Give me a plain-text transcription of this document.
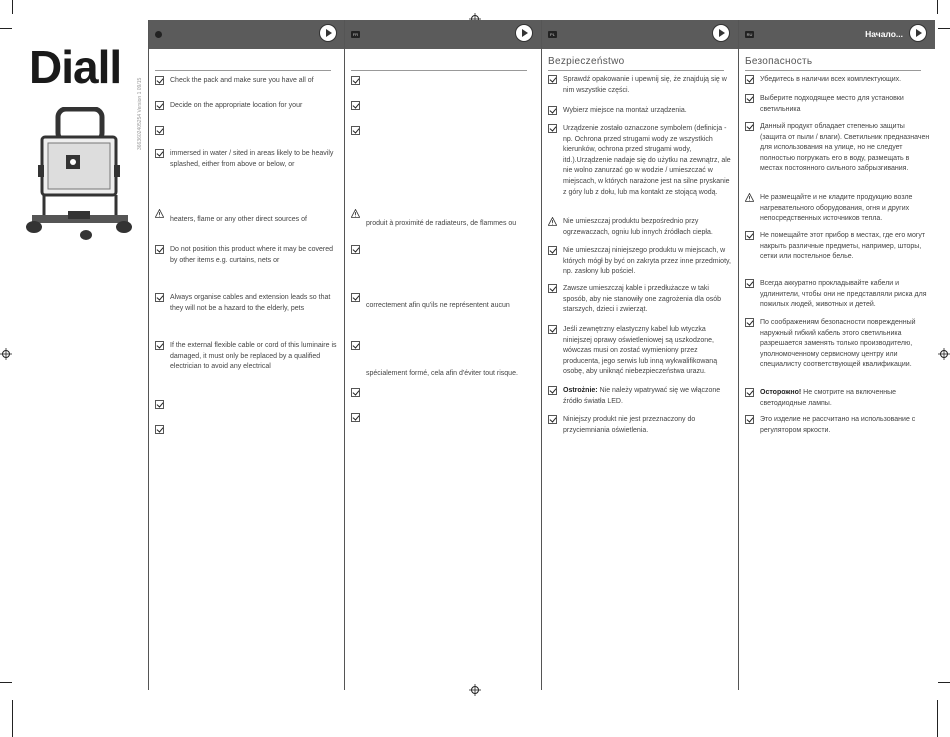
Diall
3663602405254 Version 1 09/15	Check the pack and make sure you have all of
Decide on the appropriate location for your
immersed in water / sited in areas likely to be heavily splashed, either from above or below, or
heaters, flame or any other direct sources of
Do not position this product where it may be covered by other items e.g. curtains, nets or
Always organise cables and extension leads so that they will not be a hazard to the elderly, pets
If the external flexible cable or cord of this luminaire is damaged, it must only be replaced by a qualified electrician to avoid any electrical
FR
produit à proximité de radiateurs, de flammes ou
correctement afin qu'ils ne représentent aucun
spécialement formé, cela afin d'éviter tout risque.
PL
Bezpieczeństwo
Sprawdź opakowanie i upewnij się, że znajdują się w nim wszystkie części.
Wybierz miejsce na montaż urządzenia.
Urządzenie zostało oznaczone symbolem (definicja - np. Ochrona przed strugami wody ze wszystkich kierunków, ochrona przed strugami wody, itd.).Urządzenie nadaje się do użytku na zewnątrz, ale nie wolno zanurzać go w wodzie / umieszczać w miejscach, w których narażone jest na silne pryskanie z góry lub z dołu, lub ma kontakt ze stojącą wodą.
Nie umieszczaj produktu bezpośrednio przy ogrzewaczach, ogniu lub innych źródłach ciepła.
Nie umieszczaj niniejszego produktu w miejscach, w których mógł by być on zakryta przez inne przedmioty, np. zasłony lub pościel.
Zawsze umieszczaj kable i przedłużacze w taki sposób, aby nie stanowiły one zagrożenia dla osób starszych, dzieci i zwierząt.
Jeśli zewnętrzny elastyczny kabel lub wtyczka niniejszej oprawy oświetleniowej są uszkodzone, wówczas musi on zostać wymieniony przez producenta, jego serwis lub inną wykwalifikowaną osobę, aby uniknąć niebezpieczeństwa urazu.
Ostrożnie: Nie należy wpatrywać się we włączone źródło światła LED.
Niniejszy produkt nie jest przeznaczony do przyciemniania oświetlenia.
RU	Начало...
Безопасность
Убедитесь в наличии всех комплектующих.
Выберите подходящее место для установки светильника
Данный продукт обладает степенью защиты (защита от пыли / влаги). Светильник предназначен для использования на улице, но не следует полностью погружать его в воду, размещать в местах постоянного сильного забрызгивания.
Не размещайте и не кладите продукцию возле нагревательного оборудования, огня и других непосредственных источников тепла.
Не помещайте этот прибор в местах, где его могут накрыть различные предметы, например, шторы, сетки или постельное белье.
Всегда аккуратно прокладывайте кабели и удлинители, чтобы они не представляли риска для пожилых людей, животных и детей.
По соображениям безопасности поврежденный наружный гибкий кабель этого светильника разрешается заменять только производителю, уполномоченному сервисному центру или специалисту соответствующей квалификации.
Осторожно! Не смотрите на включенные светодиодные лампы.
Это изделие не рассчитано на использование с регулятором яркости.
